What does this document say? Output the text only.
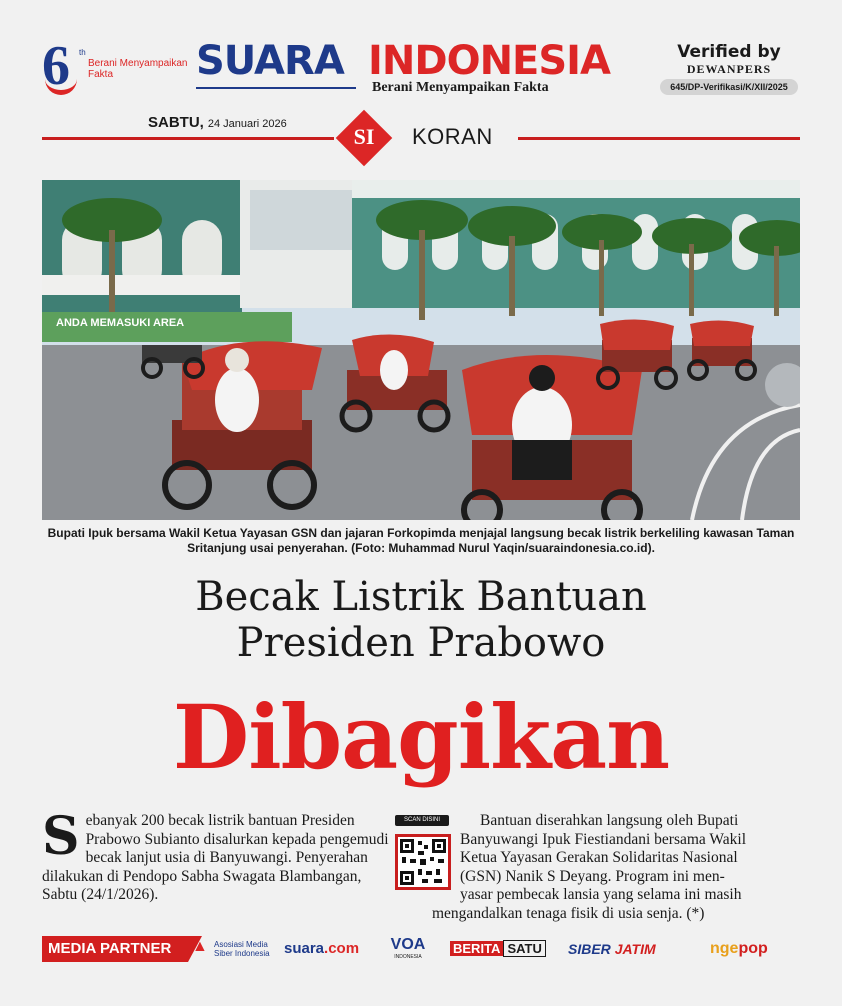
6 th
Berani Menyampaikan Fakta	SUARA INDONESIA
Berani Menyampaikan Fakta
Verified by
DEWANPERS
645/DP-Verifikasi/K/XII/2025
SABTU, 24 Januari 2026	SI	KORAN
ANDA MEMASUKI AREA
Bupati Ipuk bersama Wakil Ketua Yayasan GSN dan jajaran Forkopimda menjajal langsung becak listrik berkeliling kawasan Taman Sritanjung usai penyerahan. (Foto: Muhammad Nurul Yaqin/suaraindonesia.co.id).
Becak Listrik Bantuan
Presiden Prabowo
Dibagikan
Sebanyak 200 becak listrik bantuan Presiden Prabowo Subianto disalurkan kepada pengemudi becak lanjut usia di Banyuwangi. Penyerahan dilakukan di Pendopo Sabha Swagata Blambangan, Sabtu (24/1/2026).
SCAN DISINI	Bantuan diserahkan langsung oleh Bupati
Banyuwangi Ipuk Fiestiandani bersama Wakil
Ketua Yayasan Gerakan Solidaritas Nasional
(GSN) Nanik S Deyang. Program ini men-
yasar pembecak lansia yang selama ini masih
mengandalkan tenaga fisik di usia senja. (*)
MEDIA PARTNER	▲ Asosiasi Media Siber Indonesia suara.com VOA
INDONESIA
BERITA SATU SIBER JATIM	ngepop
